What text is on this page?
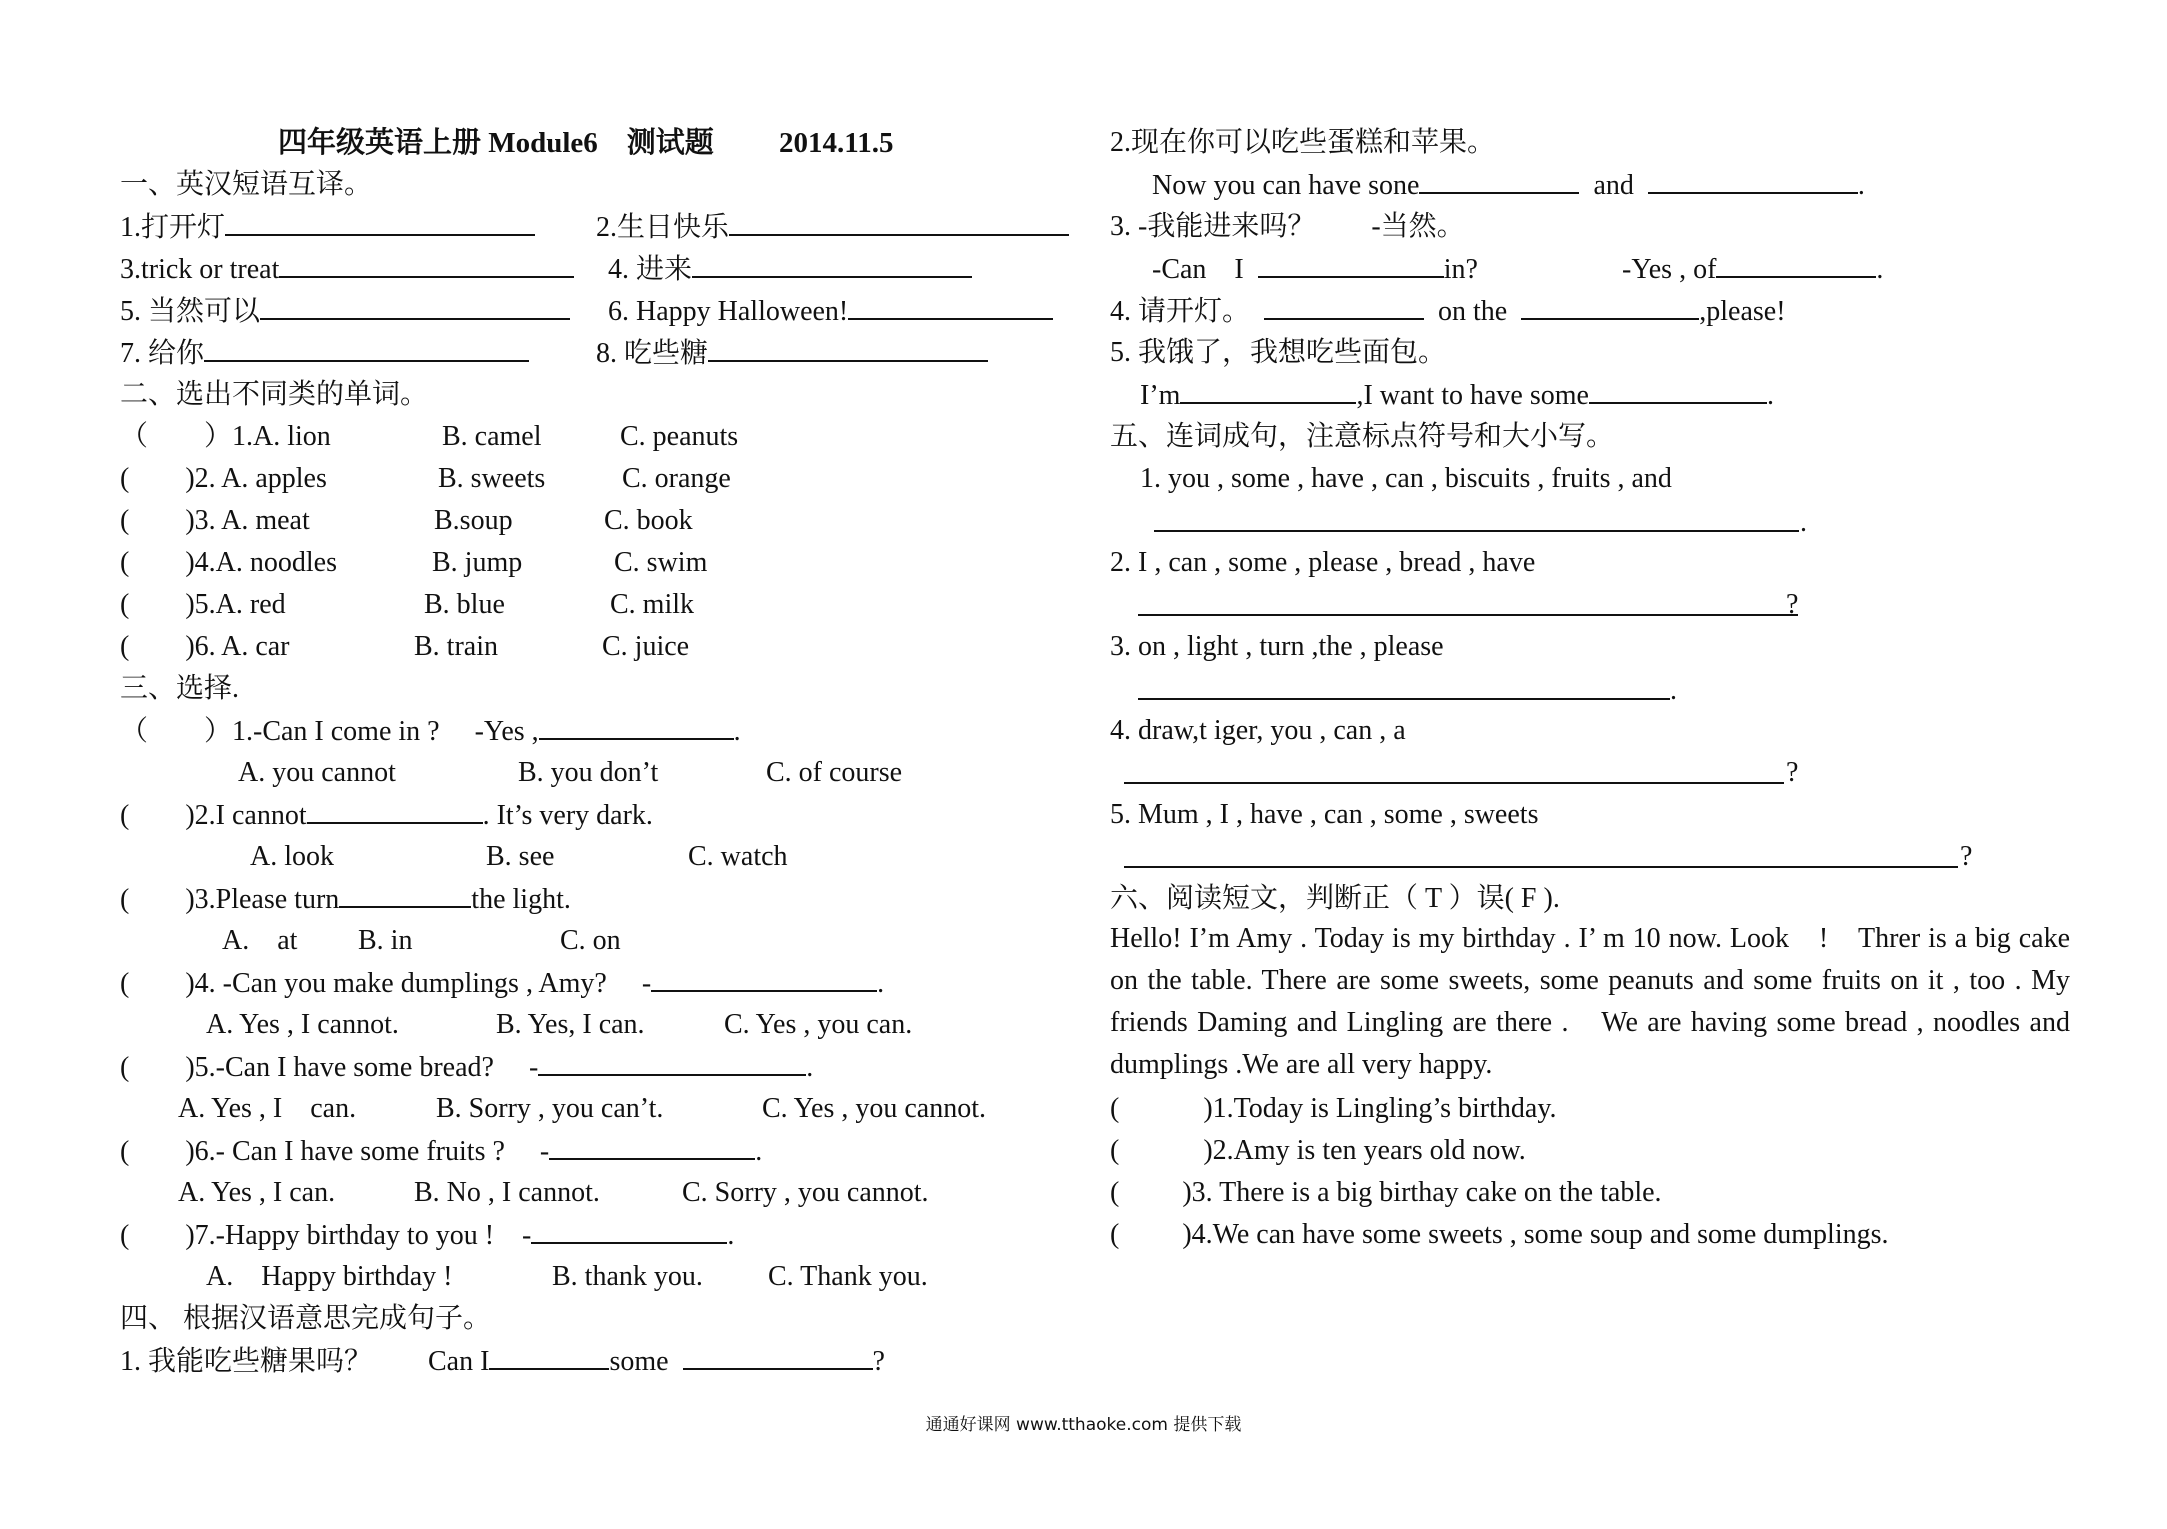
四年级英语上册 Module6　测试题　　 2014.11.5
一、英汉短语互译。
1.打开灯	2.生日快乐
3.trick or treat	4. 进来
5. 当然可以	6. Happy Halloween!
7. 给你	8. 吃些糖
二、选出不同类的单词。
（　　）1.A. lion	B. camel	C. peanuts
(　　)2. A. apples	B. sweets	C. orange
(　　)3. A. meat	B.soup	C. book
(　　)4.A. noodles	B. jump	C. swim
(　　)5.A. red	B. blue	C. milk
(　　)6. A. car	B. train	C. juice
三、选择.
（　　）1.-Can I come in ?　 -Yes ,	.
A. you cannot	B. you don’t	C. of course
(　　)2.I cannot	. It’s very dark.
A. look	B. see	C. watch
(　　)3.Please turn	the light.
A.　at B. in	C. on
(　　)4. -Can you make dumplings , Amy?　 -	.
A. Yes , I cannot.	B. Yes, I can.	C. Yes , you can.
(　　)5.-Can I have some bread?　 -	.
A. Yes , I　can.	B. Sorry , you can’t.	C. Yes , you cannot.
(　　)6.- Can I have some fruits ?　 -	.
A. Yes , I can.	B. No , I cannot.	C. Sorry , you cannot.
(　　)7.-Happy birthday to you !　-	.
A.　Happy birthday !	B. thank you. C. Thank you.
四、 根据汉语意思完成句子。
1. 我能吃些糖果吗？　　Can I	some	?
2.现在你可以吃些蛋糕和苹果。
Now you can have sone	and	.
3. -我能进来吗？　　-当然。
-Can　I	in?	-Yes , of	.
4. 请开灯。	on the	,please!
5. 我饿了，我想吃些面包。
I’m	,I want to have some	.
五、连词成句，注意标点符号和大小写。
1. you , some , have , can , biscuits , fruits , and
.
2. I , can , some , please , bread , have
?
3. on , light , turn ,the , please
.
4. draw,t iger, you , can , a
?
5. Mum , I , have , can , some , sweets
?
六、阅读短文，判断正（ T ）误( F ).
Hello! I’m Amy . Today is my birthday . I’ m 10 now. Look　!　Threr is a big cake on the table. There are some sweets, some peanuts and some fruits on it , too . My friends Daming and Lingling are there .　We are having some bread , noodles and dumplings .We are all very happy.
(　　　)1.Today is Lingling’s birthday.
(　　　)2.Amy is ten years old now.
(　　 )3. There is a big birthay cake on the table.
(　　 )4.We can have some sweets , some soup and some dumplings.
通通好课网 www.tthaoke.com 提供下载
